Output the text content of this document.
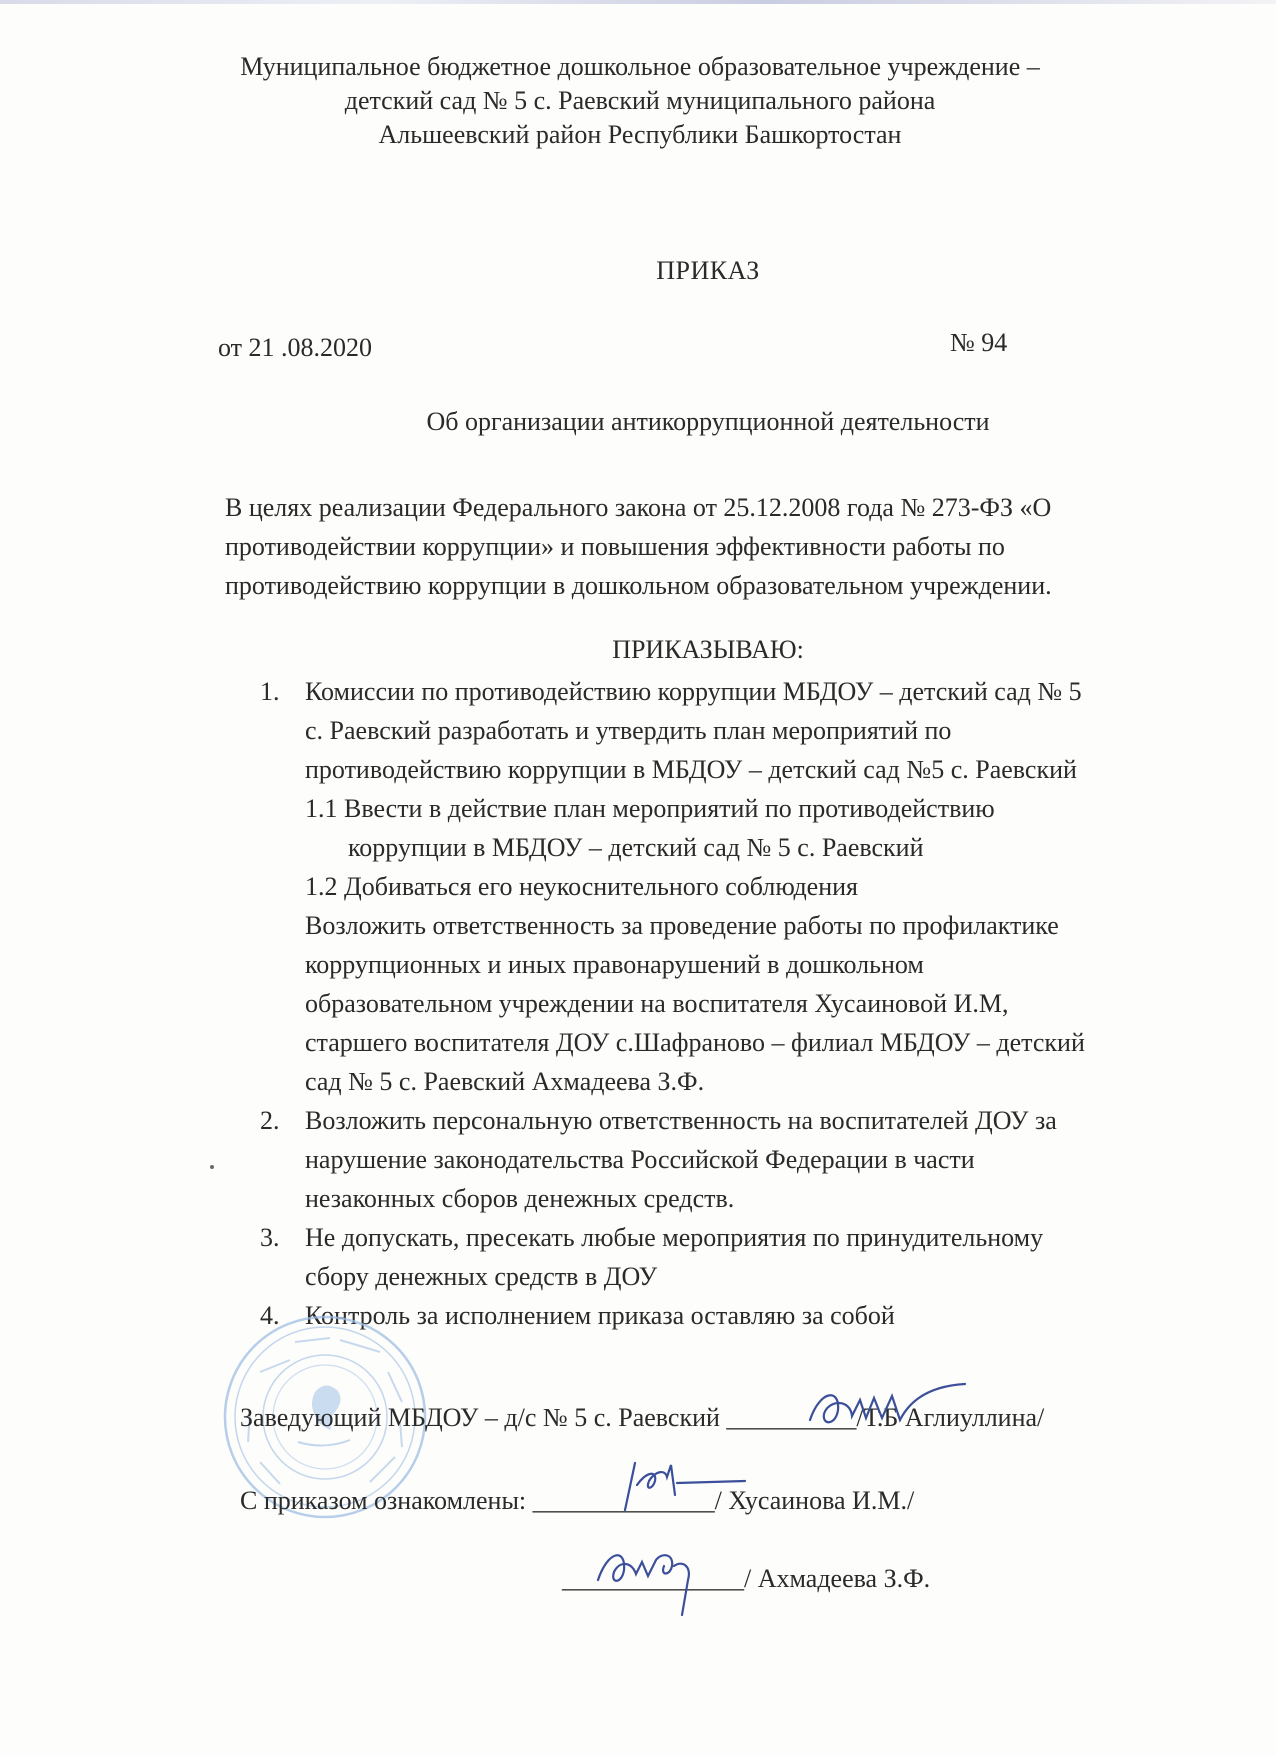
Муниципальное бюджетное дошкольное образовательное учреждение –
детский сад № 5 с. Раевский муниципального района
Альшеевский район Республики Башкортостан
ПРИКАЗ
от 21 .08.2020	№ 94
Об организации антикоррупционной деятельности
В целях реализации Федерального закона от 25.12.2008 года № 273-ФЗ «О
противодействии коррупции» и повышения эффективности работы по
противодействию коррупции в дошкольном образовательном учреждении.
ПРИКАЗЫВАЮ:
1. Комиссии по противодействию коррупции МБДОУ – детский сад № 5
с. Раевский разработать и утвердить план мероприятий по
противодействию коррупции в МБДОУ – детский сад №5 с. Раевский
1.1 Ввести в действие план мероприятий по противодействию
коррупции в МБДОУ – детский сад № 5 с. Раевский
1.2 Добиваться его неукоснительного соблюдения
Возложить ответственность за проведение работы по профилактике
коррупционных и иных правонарушений в дошкольном
образовательном учреждении на воспитателя Хусаиновой И.М,
старшего воспитателя ДОУ с.Шафраново – филиал МБДОУ – детский
сад № 5 с. Раевский Ахмадеева З.Ф.
2. Возложить персональную ответственность на воспитателей ДОУ за
нарушение законодательства Российской Федерации в части
незаконных сборов денежных средств.
3. Не допускать, пресекать любые мероприятия по принудительному
сбору денежных средств в ДОУ
4. Контроль за исполнением приказа оставляю за собой
Заведующий МБДОУ – д/с № 5 с. Раевский __________/Т.Б Аглиуллина/
С приказом ознакомлены: ______________/ Хусаинова И.М./
______________/ Ахмадеева З.Ф.
